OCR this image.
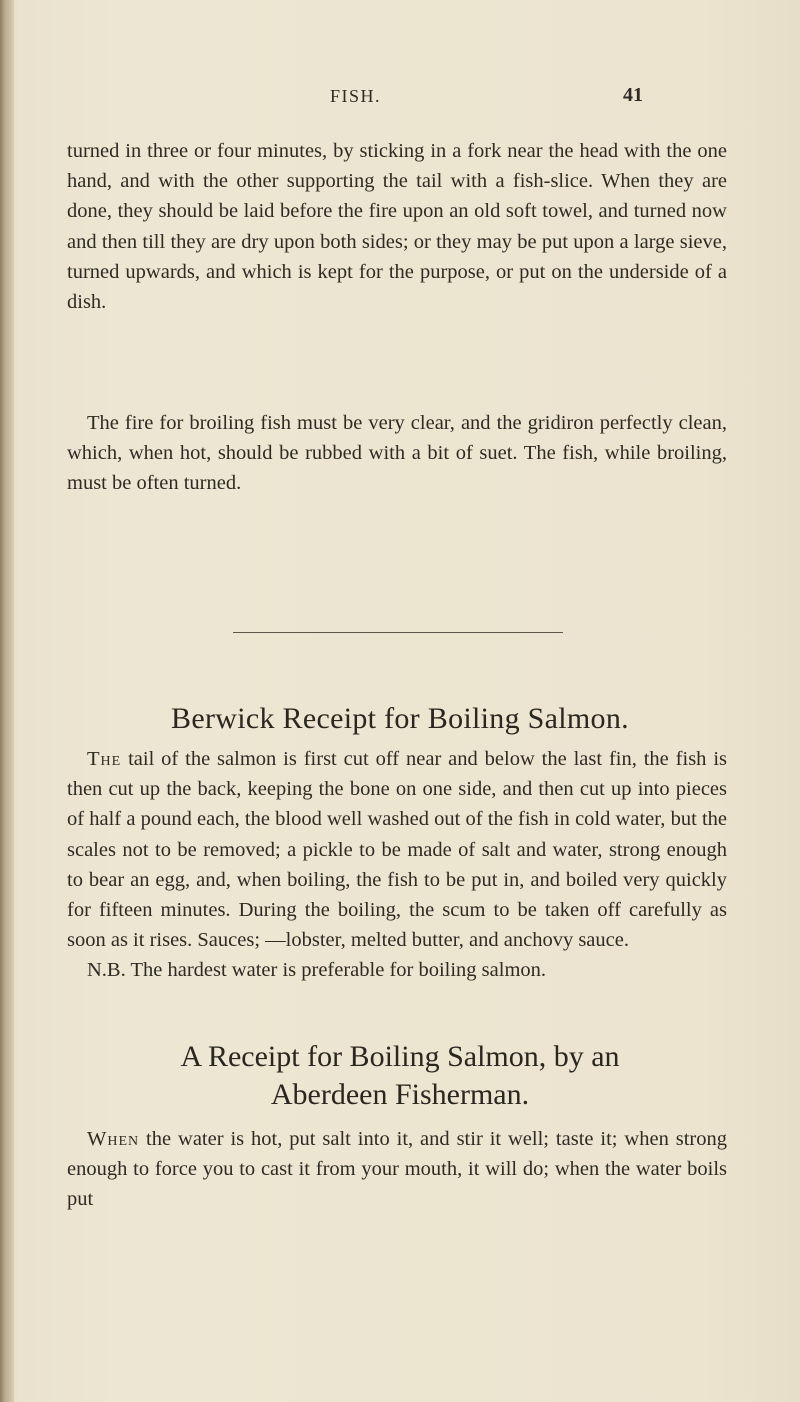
FISH.	41

turned in three or four minutes, by sticking in a fork near the head with the one hand, and with the other supporting the tail with a fish-slice. When they are done, they should be laid before the fire upon an old soft towel, and turned now and then till they are dry upon both sides; or they may be put upon a large sieve, turned upwards, and which is kept for the purpose, or put on the underside of a dish.

The fire for broiling fish must be very clear, and the gridiron perfectly clean, which, when hot, should be rubbed with a bit of suet. The fish, while broiling, must be often turned.

Berwick Receipt for Boiling Salmon.

The tail of the salmon is first cut off near and below the last fin, the fish is then cut up the back, keeping the bone on one side, and then cut up into pieces of half a pound each, the blood well washed out of the fish in cold water, but the scales not to be removed; a pickle to be made of salt and water, strong enough to bear an egg, and, when boiling, the fish to be put in, and boiled very quickly for fifteen minutes. During the boiling, the scum to be taken off carefully as soon as it rises. Sauces; —lobster, melted butter, and anchovy sauce.

N.B. The hardest water is preferable for boiling salmon.

A Receipt for Boiling Salmon, by an
Aberdeen Fisherman.

When the water is hot, put salt into it, and stir it well; taste it; when strong enough to force you to cast it from your mouth, it will do; when the water boils put
